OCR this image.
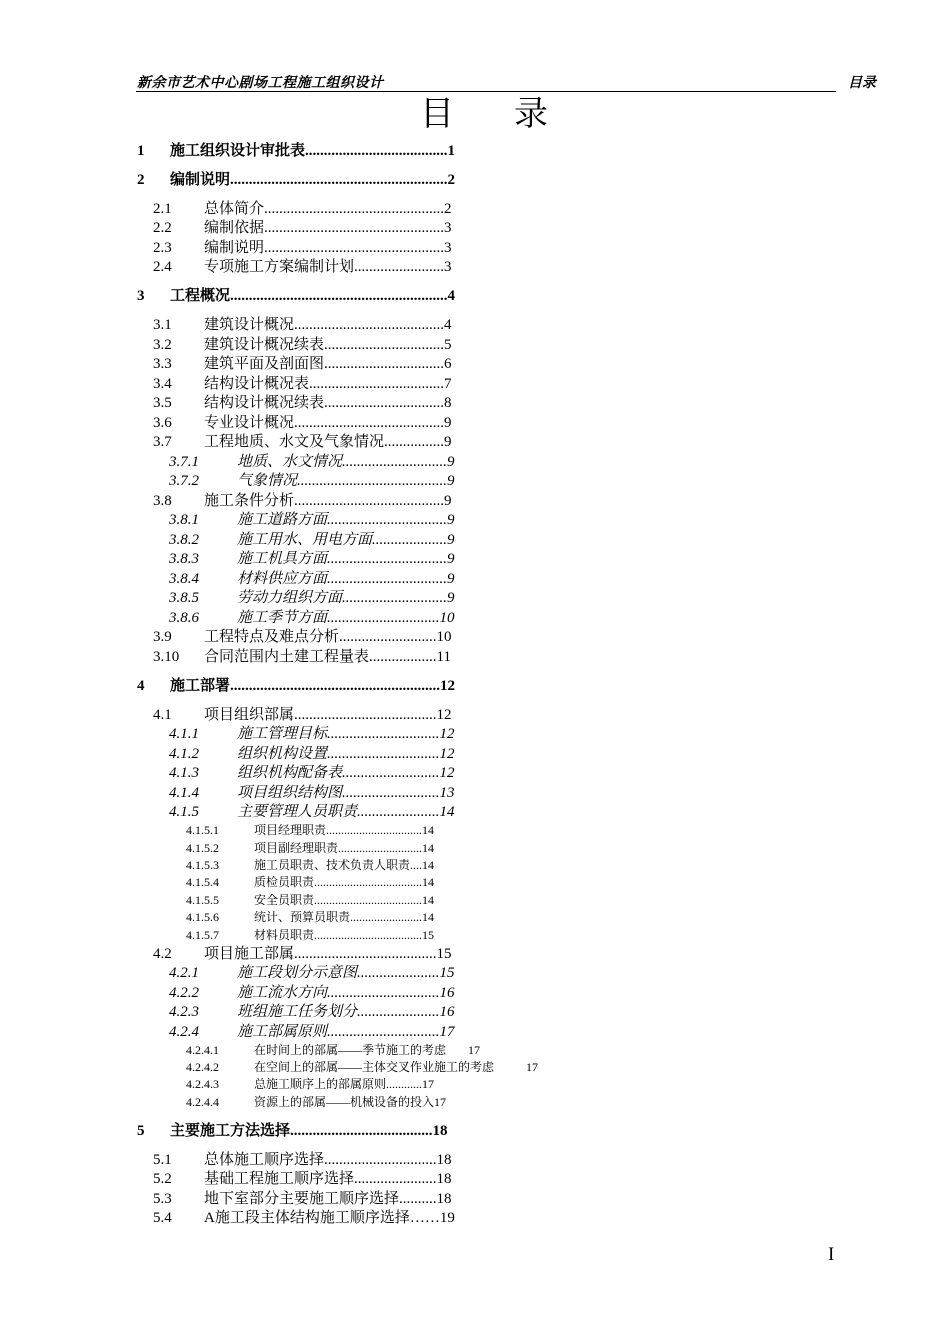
新余市艺术中心剧场工程施工组织设计	目录
目录
1 施工组织设计审批表......................................1
2 编制说明..........................................................2
2.1 总体简介................................................2
2.2 编制依据................................................3
2.3 编制说明................................................3
2.4 专项施工方案编制计划........................3
3 工程概况..........................................................4
3.1 建筑设计概况........................................4
3.2 建筑设计概况续表................................5
3.3 建筑平面及剖面图................................6
3.4 结构设计概况表....................................7
3.5 结构设计概况续表................................8
3.6 专业设计概况........................................9
3.7 工程地质、水文及气象情况................9
3.7.1	地质、水文情况............................9
3.7.2	气象情况........................................9
3.8 施工条件分析........................................9
3.8.1	施工道路方面................................9
3.8.2	施工用水、用电方面....................9
3.8.3	施工机具方面................................9
3.8.4	材料供应方面................................9
3.8.5	劳动力组织方面............................9
3.8.6	施工季节方面..............................10
3.9 工程特点及难点分析..........................10
3.10 合同范围内土建工程量表..................11
4 施工部署........................................................12
4.1 项目组织部属......................................12
4.1.1	施工管理目标..............................12
4.1.2	组织机构设置..............................12
4.1.3	组织机构配备表..........................12
4.1.4	项目组织结构图..........................13
4.1.5	主要管理人员职责......................14
4.1.5.1	项目经理职责................................14
4.1.5.2	项目副经理职责............................14
4.1.5.3	施工员职责、技术负责人职责....14
4.1.5.4	质检员职责....................................14
4.1.5.5	安全员职责....................................14
4.1.5.6	统计、预算员职责........................14
4.1.5.7	材料员职责....................................15
4.2 项目施工部属......................................15
4.2.1	施工段划分示意图......................15
4.2.2	施工流水方向..............................16
4.2.3	班组施工任务划分......................16
4.2.4	施工部属原则..............................17
4.2.4.1	在时间上的部属——季节施工的考虑 17
4.2.4.2	在空间上的部属——主体交叉作业施工的考虑	17
4.2.4.3	总施工顺序上的部属原则............17
4.2.4.4	资源上的部属——机械设备的投入17
5 主要施工方法选择......................................18
5.1 总体施工顺序选择..............................18
5.2 基础工程施工顺序选择......................18
5.3 地下室部分主要施工顺序选择..........18
5.4 A施工段主体结构施工顺序选择……19
I
